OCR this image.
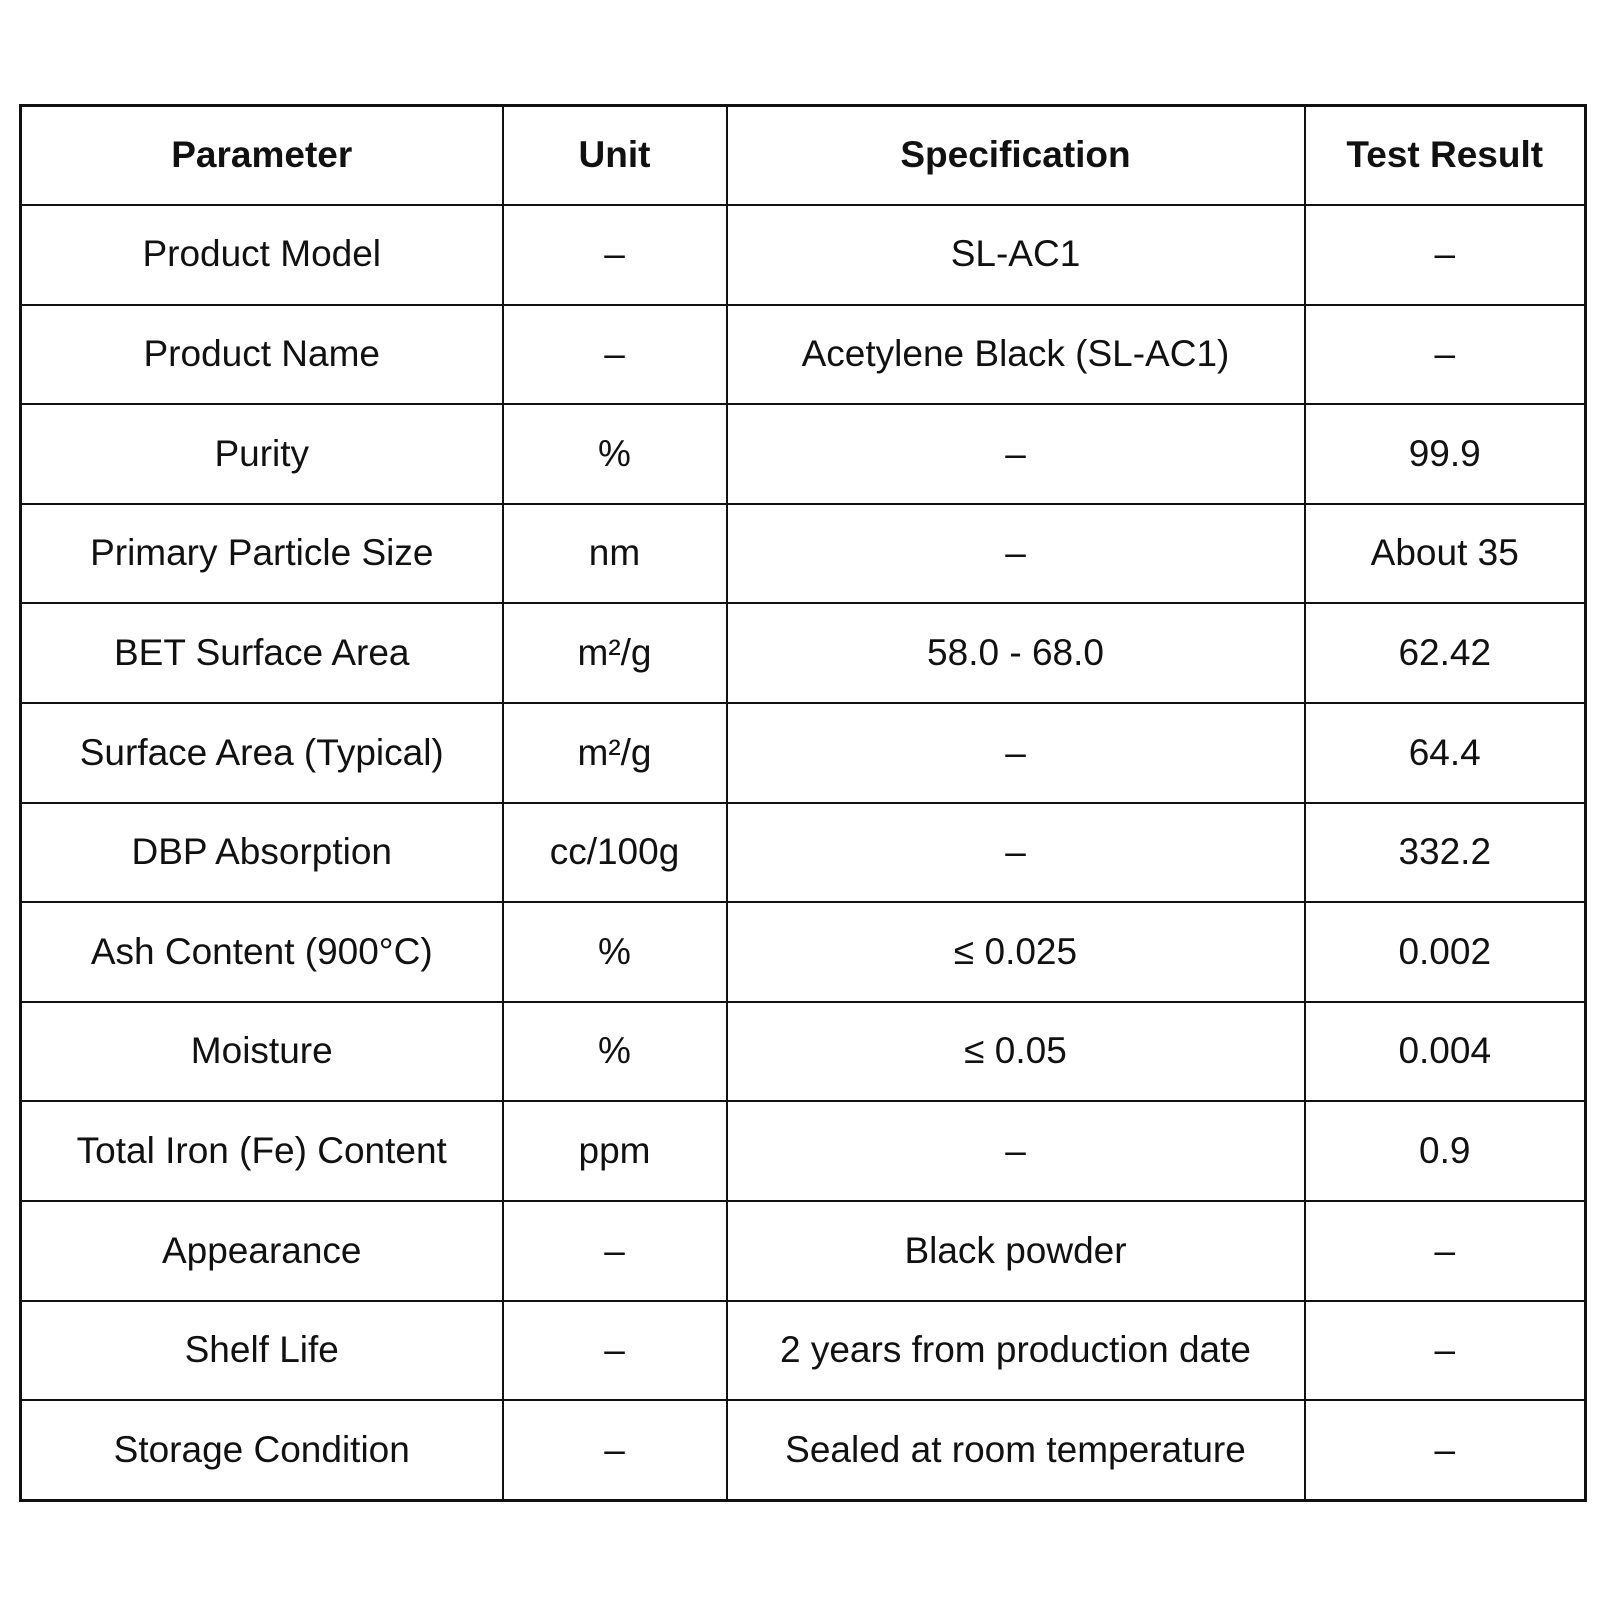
Parameter	Unit	Specification	Test Result
Product Model	–	SL-AC1	–
Product Name	–	Acetylene Black (SL-AC1)	–
Purity	%	–	99.9
Primary Particle Size	nm	–	About 35
BET Surface Area	m²/g	58.0 - 68.0	62.42
Surface Area (Typical)	m²/g	–	64.4
DBP Absorption	cc/100g	–	332.2
Ash Content (900°C)	%	≤ 0.025	0.002
Moisture	%	≤ 0.05	0.004
Total Iron (Fe) Content	ppm	–	0.9
Appearance	–	Black powder	–
Shelf Life	–	2 years from production date	–
Storage Condition	–	Sealed at room temperature	–
